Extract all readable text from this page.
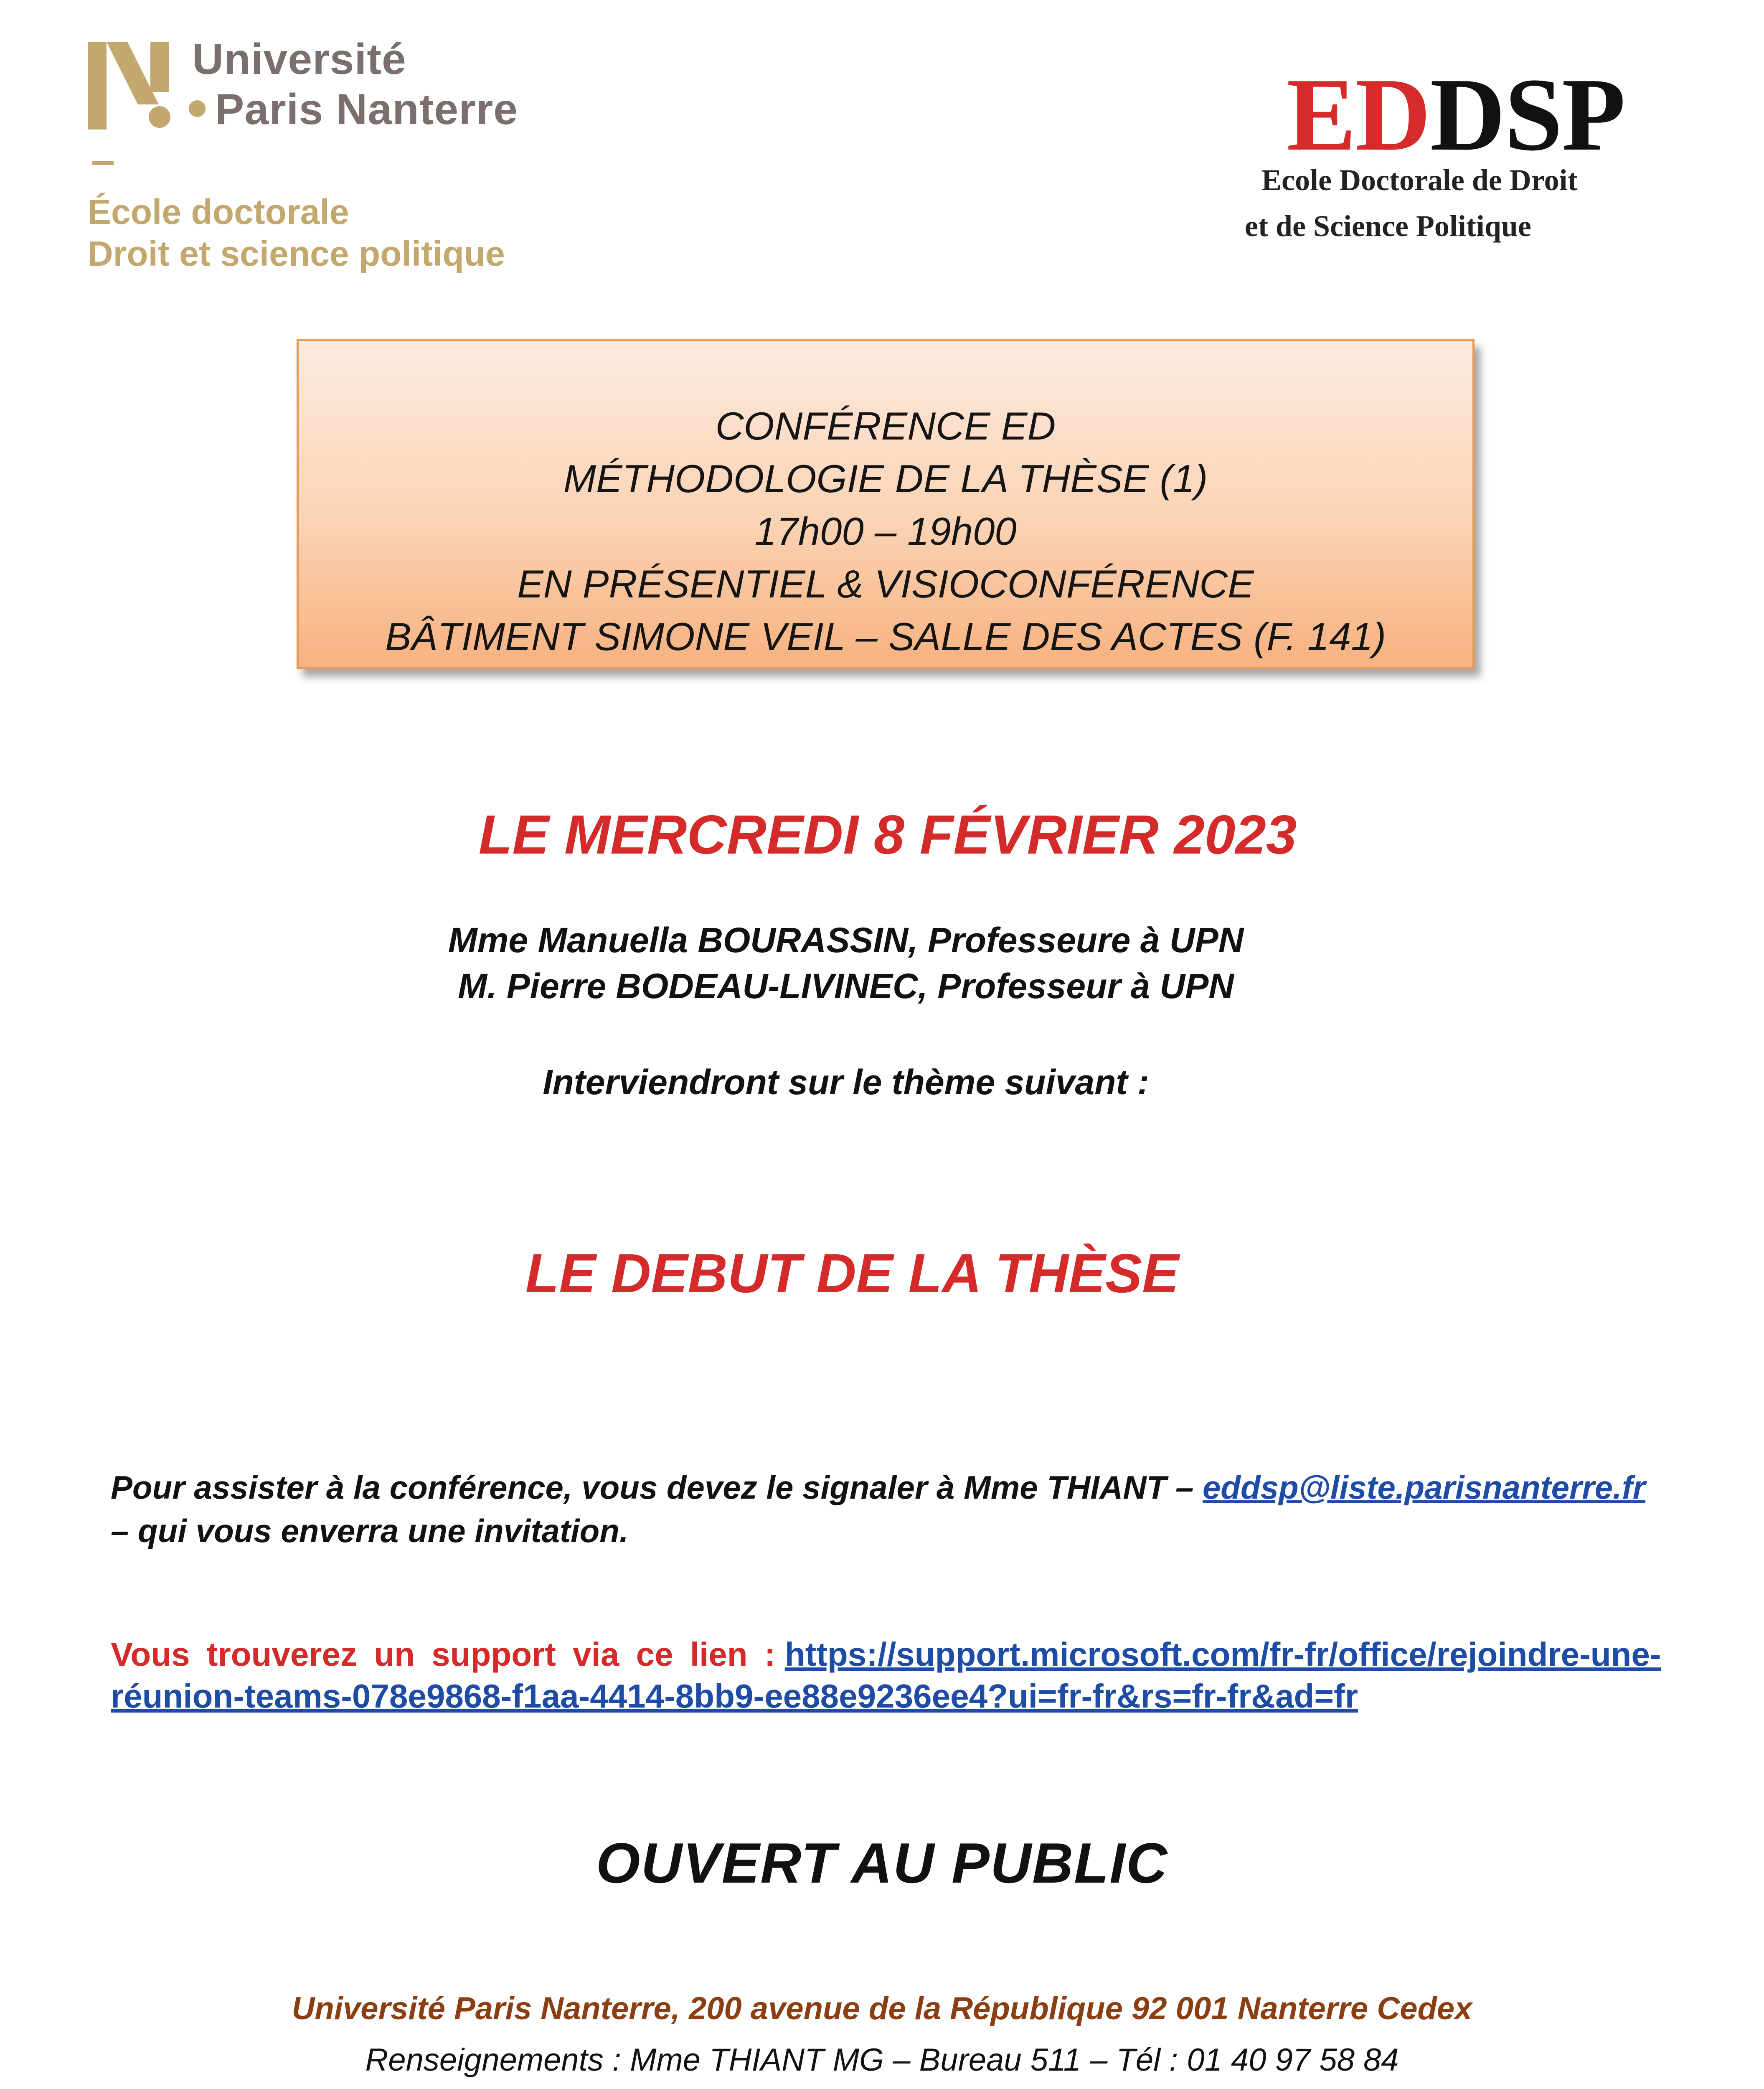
Université
Paris Nanterre
École doctorale
Droit et science politique
EDDSP
Ecole Doctorale de Droit
et de Science Politique
CONFÉRENCE ED
MÉTHODOLOGIE DE LA THÈSE (1)
17h00 – 19h00
EN PRÉSENTIEL & VISIOCONFÉRENCE
BÂTIMENT SIMONE VEIL – SALLE DES ACTES (F. 141)
LE MERCREDI 8 FÉVRIER 2023
Mme Manuella BOURASSIN, Professeure à UPN
M. Pierre BODEAU-LIVINEC, Professeur à UPN
Interviendront sur le thème suivant :
LE DEBUT DE LA THÈSE
Pour assister à la conférence, vous devez le signaler à Mme THIANT – eddsp@liste.parisnanterre.fr – qui vous enverra une invitation.
Vous trouverez un support via ce lien : https://support.microsoft.com/fr-fr/office/rejoindre-une-réunion-teams-078e9868-f1aa-4414-8bb9-ee88e9236ee4?ui=fr-fr&rs=fr-fr&ad=fr
OUVERT AU PUBLIC
Université Paris Nanterre, 200 avenue de la République 92 001 Nanterre Cedex
Renseignements : Mme THIANT MG – Bureau 511 – Tél : 01 40 97 58 84
